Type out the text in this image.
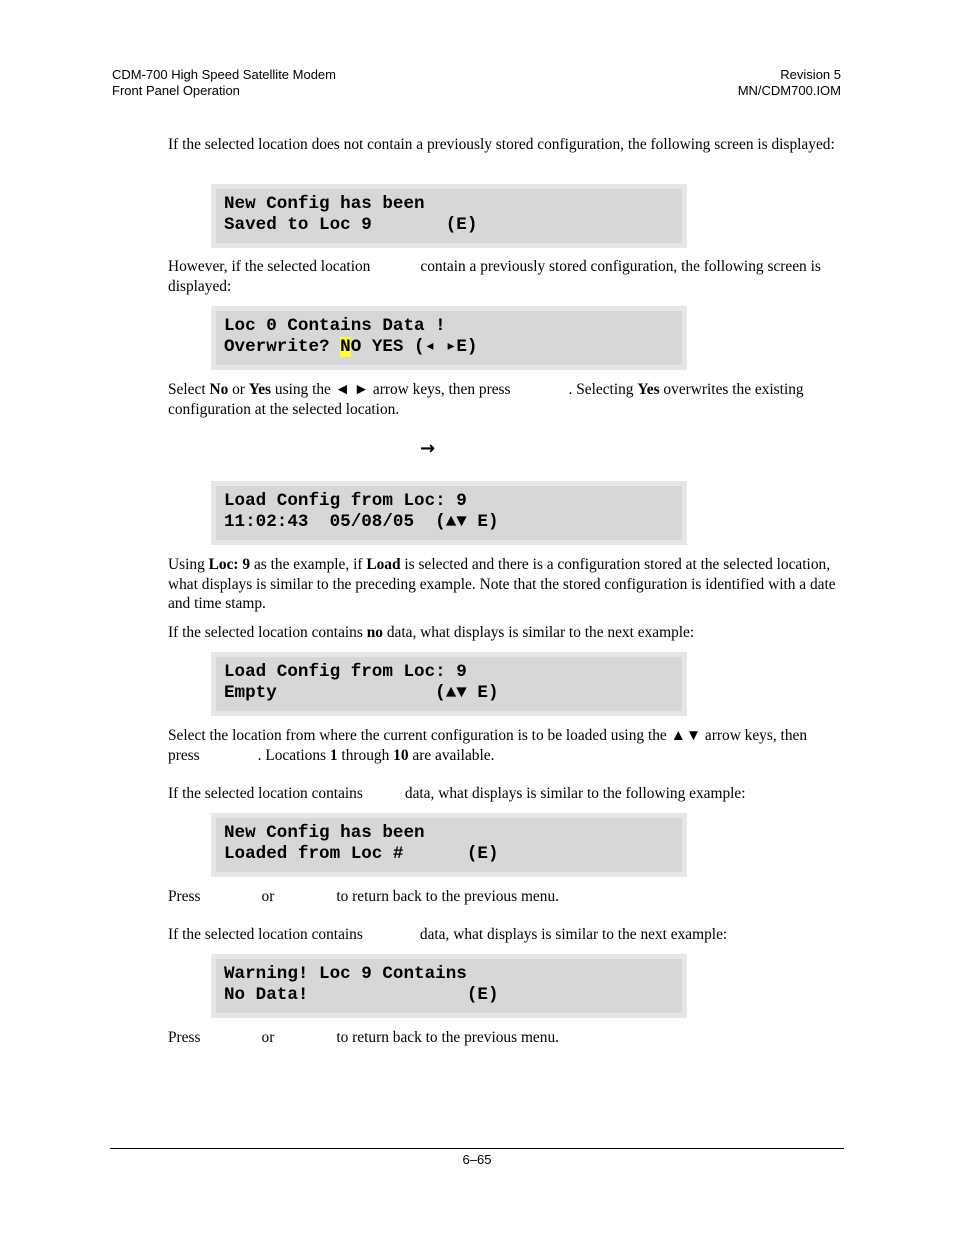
CDM-700 High Speed Satellite Modem
Front Panel Operation
Revision 5
MN/CDM700.IOM
If the selected location does not contain a previously stored configuration, the following screen is displayed:
New Config has been
Saved to Loc 9       (E)
However, if the selected location	contain a previously stored configuration, the following screen is displayed:
Loc 0 Contains Data !
Overwrite? NO YES (◂ ▸E)
Select No or Yes using the ◄ ► arrow keys, then press	. Selecting Yes overwrites the existing configuration at the selected location.
→
Load Config from Loc: 9
11:02:43  05/08/05  (▲▼ E)
Using Loc: 9 as the example, if Load is selected and there is a configuration stored at the selected location, what displays is similar to the preceding example. Note that the stored configuration is identified with a date and time stamp.
If the selected location contains no data, what displays is similar to the next example:
Load Config from Loc: 9
Empty               (▲▼ E)
Select the location from where the current configuration is to be loaded using the ▲▼ arrow keys, then press	. Locations 1 through 10 are available.
If the selected location contains	data, what displays is similar to the following example:
New Config has been
Loaded from Loc #      (E)
Press	or	to return back to the previous menu.
If the selected location contains	data, what displays is similar to the next example:
Warning! Loc 9 Contains
No Data!               (E)
Press	or	to return back to the previous menu.
6–65
